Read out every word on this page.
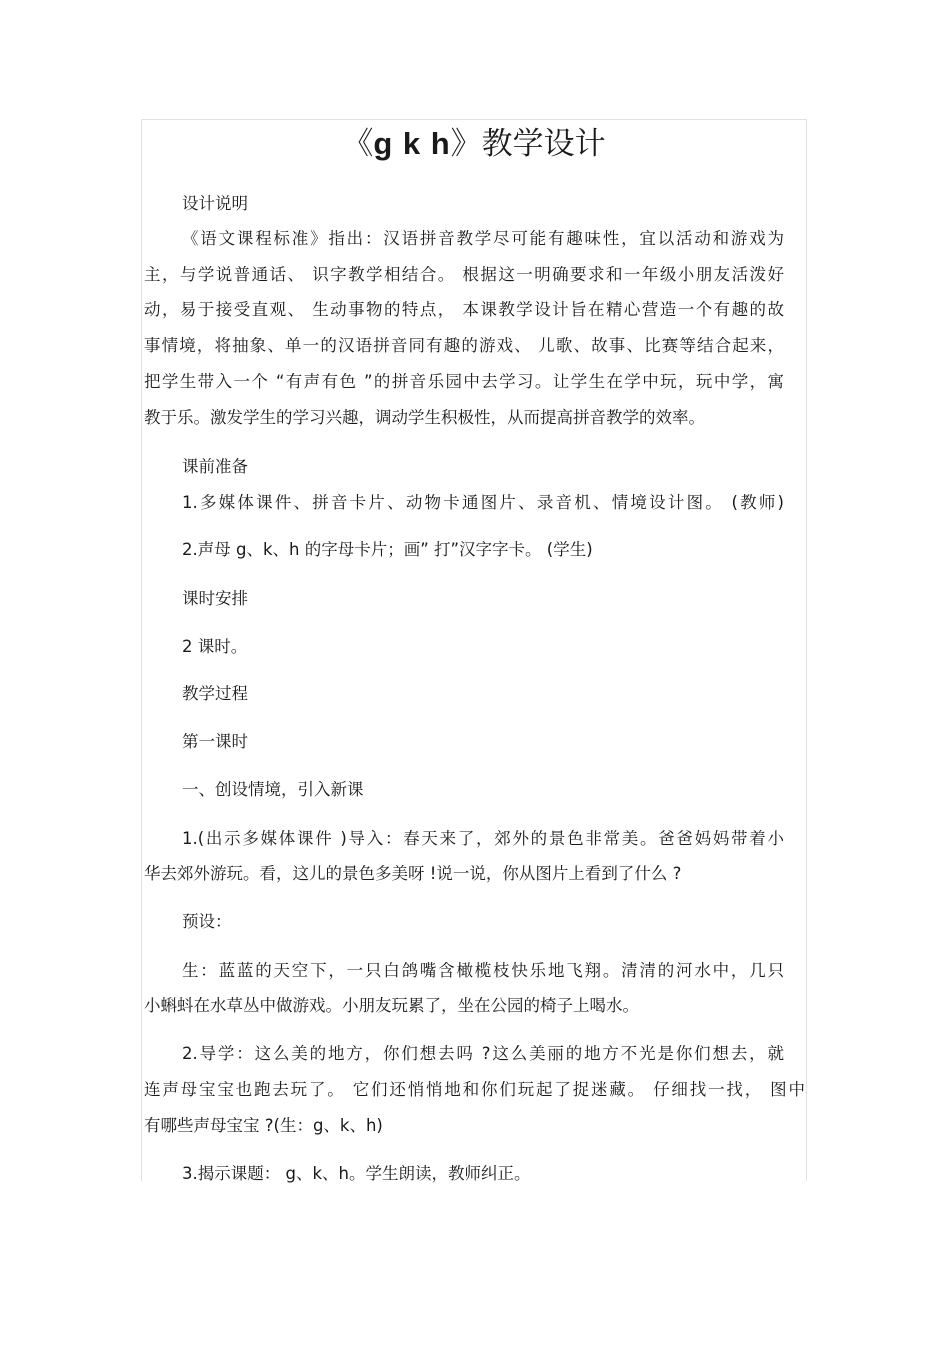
《g k h》教学设计
设计说明
《语文课程标准》指出：汉语拼音教学尽可能有趣味性，宜以活动和游戏为
主，与学说普通话、 识字教学相结合。 根据这一明确要求和一年级小朋友活泼好
动，易于接受直观、 生动事物的特点， 本课教学设计旨在精心营造一个有趣的故
事情境，将抽象、单一的汉语拼音同有趣的游戏、 儿歌、故事、比赛等结合起来，
把学生带入一个 “有声有色 ”的拼音乐园中去学习。让学生在学中玩，玩中学，寓
教于乐。激发学生的学习兴趣，调动学生积极性，从而提高拼音教学的效率。
课前准备
1.多媒体课件、拼音卡片、动物卡通图片、录音机、情境设计图。 (教师)
2.声母 g、k、h 的字母卡片；画” 打”汉字字卡。 (学生)
课时安排
2 课时。
教学过程
第一课时
一、创设情境，引入新课
1.(出示多媒体课件 )导入：春天来了，郊外的景色非常美。爸爸妈妈带着小
华去郊外游玩。看，这儿的景色多美呀 !说一说，你从图片上看到了什么 ?
预设：
生：蓝蓝的天空下，一只白鸽嘴含橄榄枝快乐地飞翔。清清的河水中，几只
小蝌蚪在水草丛中做游戏。小朋友玩累了，坐在公园的椅子上喝水。
2.导学：这么美的地方，你们想去吗 ?这么美丽的地方不光是你们想去，就
连声母宝宝也跑去玩了。 它们还悄悄地和你们玩起了捉迷藏。 仔细找一找， 图中
有哪些声母宝宝 ?(生：g、k、h)
3.揭示课题： g、k、h。学生朗读，教师纠正。
